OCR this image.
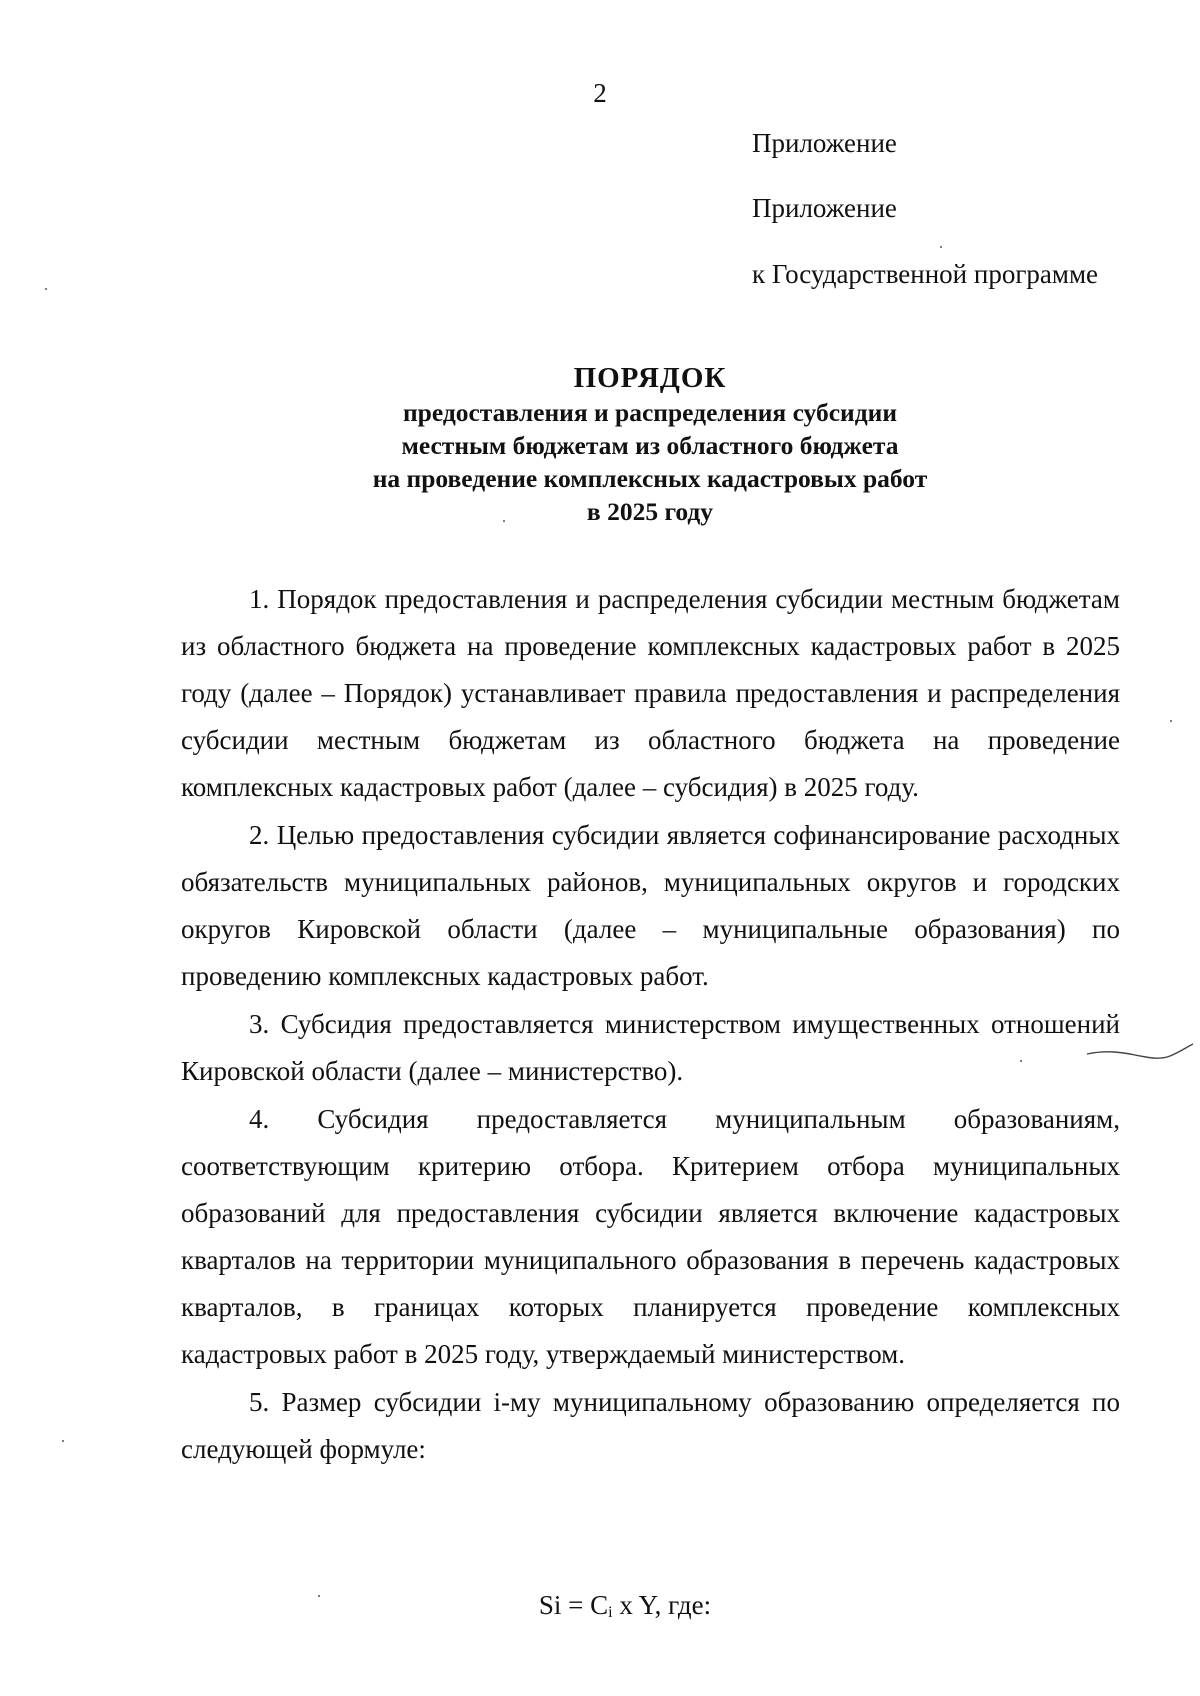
2
Приложение
Приложение
к Государственной программе
ПОРЯДОК
предоставления и распределения субсидии
местным бюджетам из областного бюджета
на проведение комплексных кадастровых работ
в 2025 году

1. Порядок предоставления и распределения субсидии местным бюджетам из областного бюджета на проведение комплексных кадастровых работ в 2025 году (далее – Порядок) устанавливает правила предоставления и распределения субсидии местным бюджетам из областного бюджета на проведение комплексных кадастровых работ (далее – субсидия) в 2025 году.

2. Целью предоставления субсидии является софинансирование расходных обязательств муниципальных районов, муниципальных округов и городских округов Кировской области (далее – муниципальные образования) по проведению комплексных кадастровых работ.

3. Субсидия предоставляется министерством имущественных отношений Кировской области (далее – министерство).

4. Субсидия предоставляется муниципальным образованиям, соответствующим критерию отбора. Критерием отбора муниципальных образований для предоставления субсидии является включение кадастровых кварталов на территории муниципального образования в перечень кадастровых кварталов, в границах которых планируется проведение комплексных кадастровых работ в 2025 году, утверждаемый министерством.

5. Размер субсидии i-му муниципальному образованию определяется по следующей формуле:

$Si = C_i$ x Y, где:
